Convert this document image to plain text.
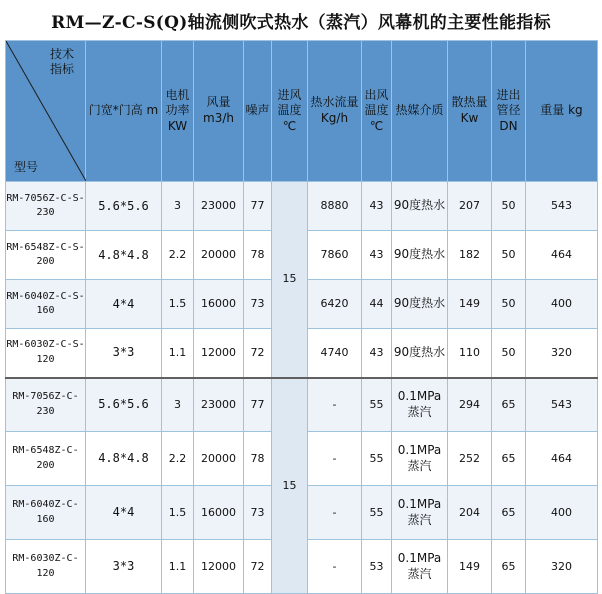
RM—Z-C-S(Q)轴流侧吹式热水（蒸汽）风幕机的主要性能指标
技术指标
型号	门宽*门高 m	电机功率 KW	风量 m3/h	噪声	进风温度 ℃	热水流量 Kg/h	出风温度 ℃	热媒介质	散热量 Kw	进出管径 DN	重量 kg
RM-7056Z-C-S-230	5.6*5.6	3	23000	77	15	8880	43	90度热水	207	50	543
RM-6548Z-C-S-200	4.8*4.8	2.2	20000	78		7860	43	90度热水	182	50	464
RM-6040Z-C-S-160	4*4	1.5	16000	73		6420	44	90度热水	149	50	400
RM-6030Z-C-S-120	3*3	1.1	12000	72		4740	43	90度热水	110	50	320
RM-7056Z-C-230	5.6*5.6	3	23000	77	15	-	55	0.1MPa蒸汽	294	65	543
RM-6548Z-C-200	4.8*4.8	2.2	20000	78		-	55	0.1MPa蒸汽	252	65	464
RM-6040Z-C-160	4*4	1.5	16000	73		-	55	0.1MPa蒸汽	204	65	400
RM-6030Z-C-120	3*3	1.1	12000	72		-	53	0.1MPa蒸汽	149	65	320
